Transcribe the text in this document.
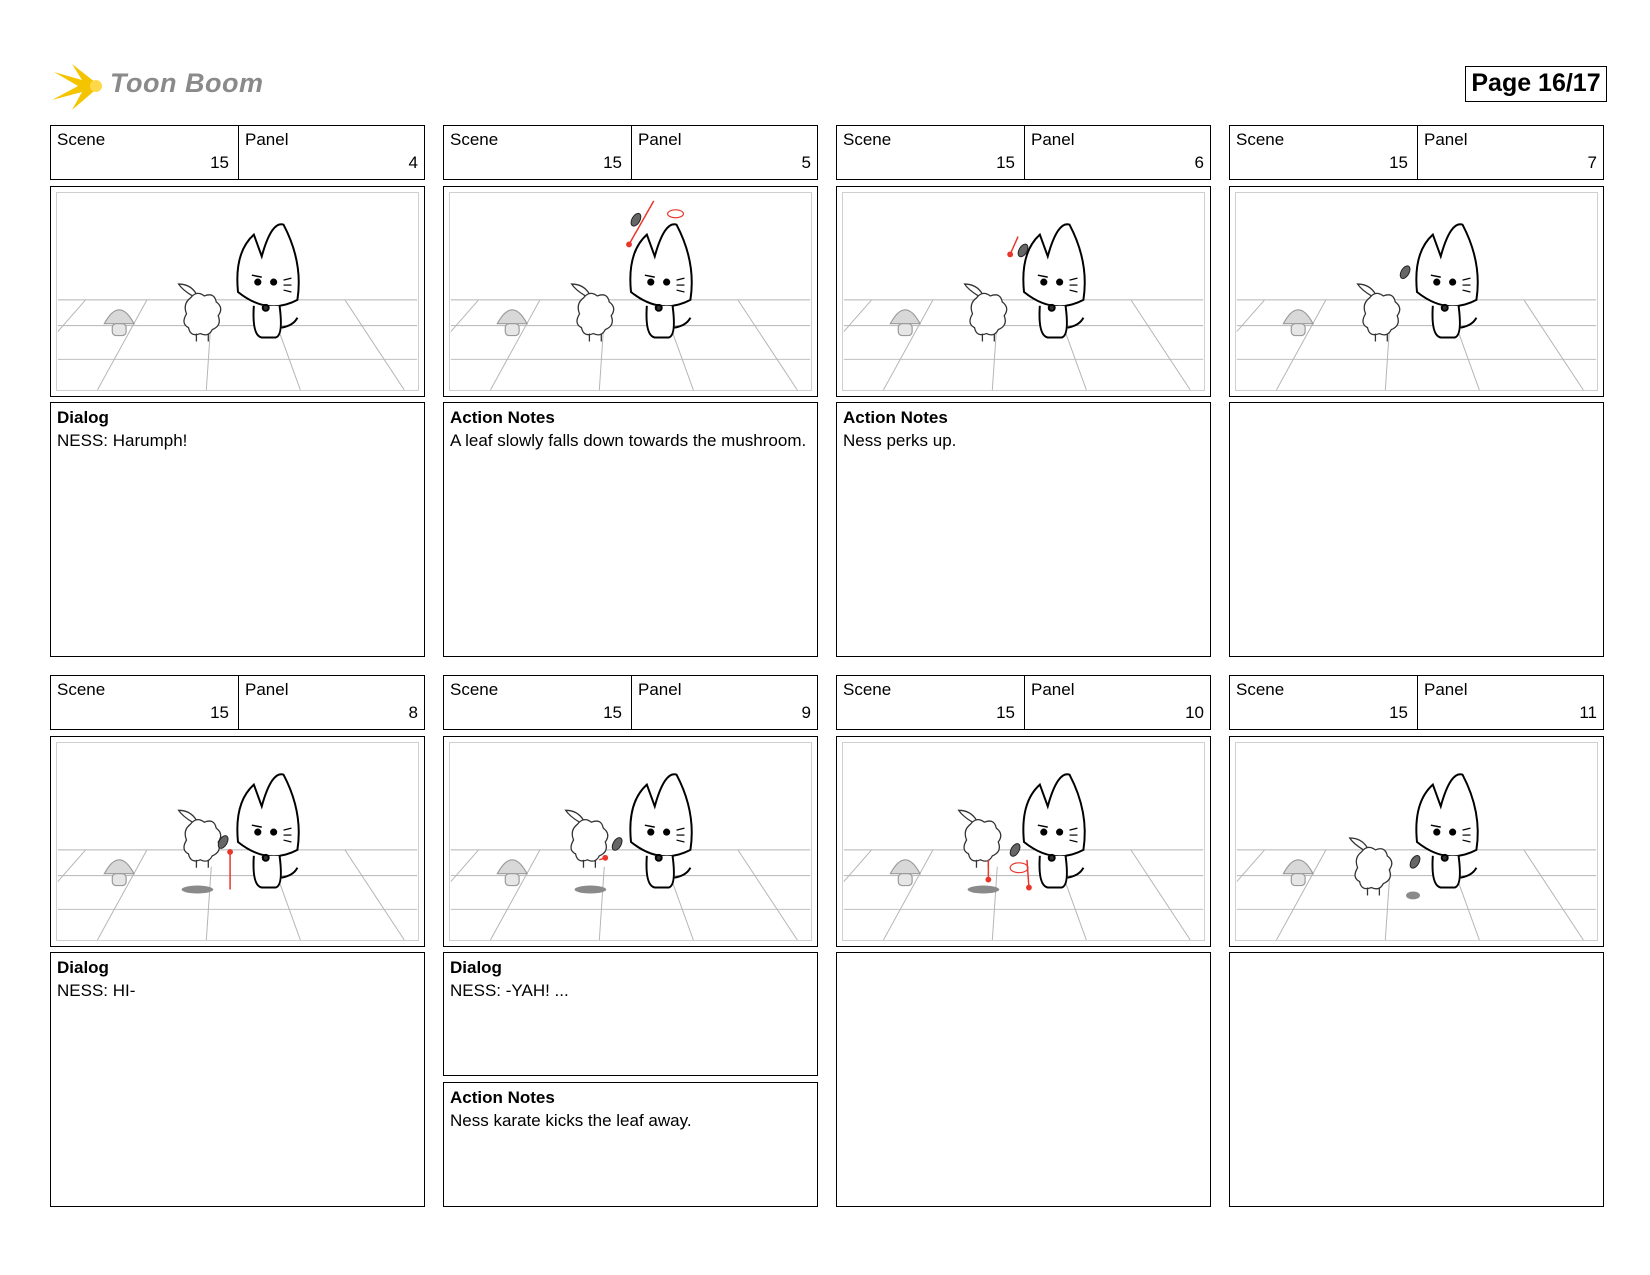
Toon Boom	Page 16/17
Scene
15
Panel
4
Dialog
NESS: Harumph!
Scene
15
Panel
5
Action Notes
A leaf slowly falls down towards the mushroom.
Scene
15
Panel
6
Action Notes
Ness perks up.
Scene
15
Panel
7
Scene
15
Panel
8
Dialog
NESS: HI-
Scene
15
Panel
9
Dialog
NESS: -YAH! ...
Action Notes
Ness karate kicks the leaf away.
Scene
15
Panel
10
Scene
15
Panel
11
